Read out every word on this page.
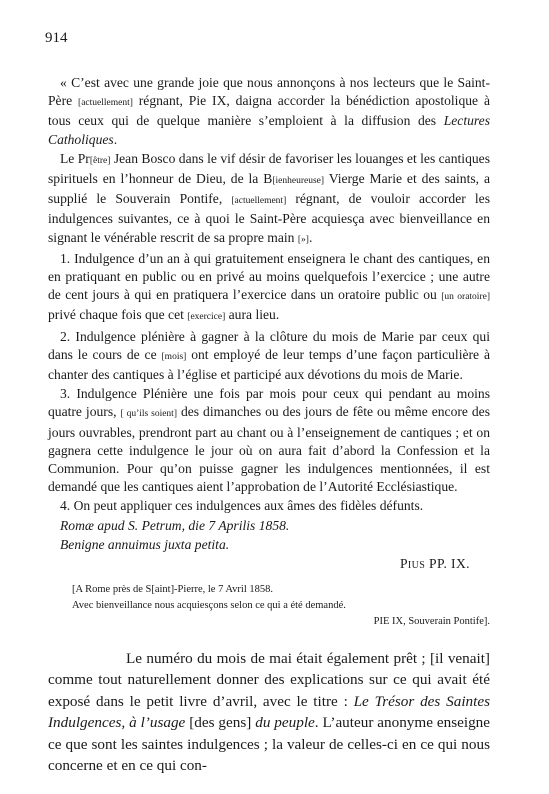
914

« C’est avec une grande joie que nous annonçons à nos lecteurs que le Saint-Père [actuellement] régnant, Pie IX, daigna accorder la bénédiction apostolique à tous ceux qui de quelque manière s’emploient à la diffusion des Lectures Catholiques.

Le Pr[être] Jean Bosco dans le vif désir de favoriser les louanges et les cantiques spirituels en l’honneur de Dieu, de la B[ienheureuse] Vierge Marie et des saints, a supplié le Souverain Pontife, [actuellement] régnant, de vouloir accorder les indulgences suivantes, ce à quoi le Saint-Père acquiesça avec bienveillance en signant le vénérable rescrit de sa propre main [»].

1. Indulgence d’un an à qui gratuitement enseignera le chant des cantiques, en en pratiquant en public ou en privé au moins quelquefois l’exercice ; une autre de cent jours à qui en pratiquera l’exercice dans un oratoire public ou [un oratoire] privé chaque fois que cet [exercice] aura lieu.

2. Indulgence plénière à gagner à la clôture du mois de Marie par ceux qui dans le cours de ce [mois] ont employé de leur temps d’une façon particulière à chanter des cantiques à l’église et participé aux dévotions du mois de Marie.

3. Indulgence Plénière une fois par mois pour ceux qui pendant au moins quatre jours, [ qu’ils soient] des dimanches ou des jours de fête ou même encore des jours ouvrables, prendront part au chant ou à l’enseignement de cantiques ; et on gagnera cette indulgence le jour où on aura fait d’abord la Confession et la Communion. Pour qu’on puisse gagner les indulgences mentionnées, il est demandé que les cantiques aient l’approbation de l’Autorité Ecclésiastique.

4. On peut appliquer ces indulgences aux âmes des fidèles défunts.

Romæ apud S. Petrum, die 7 Aprilis 1858.

Benigne annuimus juxta petita.

Pius PP. IX.

[A Rome près de S[aint]-Pierre, le 7 Avril 1858.
Avec bienveillance nous acquiesçons selon ce qui a été demandé.
PIE IX, Souverain Pontife].

Le numéro du mois de mai était également prêt ; [il venait] comme tout naturellement donner des explications sur ce qui avait été exposé dans le petit livre d’avril, avec le titre : Le Trésor des Saintes Indulgences, à l’usage [des gens] du peuple. L’auteur anonyme enseigne ce que sont les saintes indulgences ; la valeur de celles-ci en ce qui nous concerne et en ce qui con-
